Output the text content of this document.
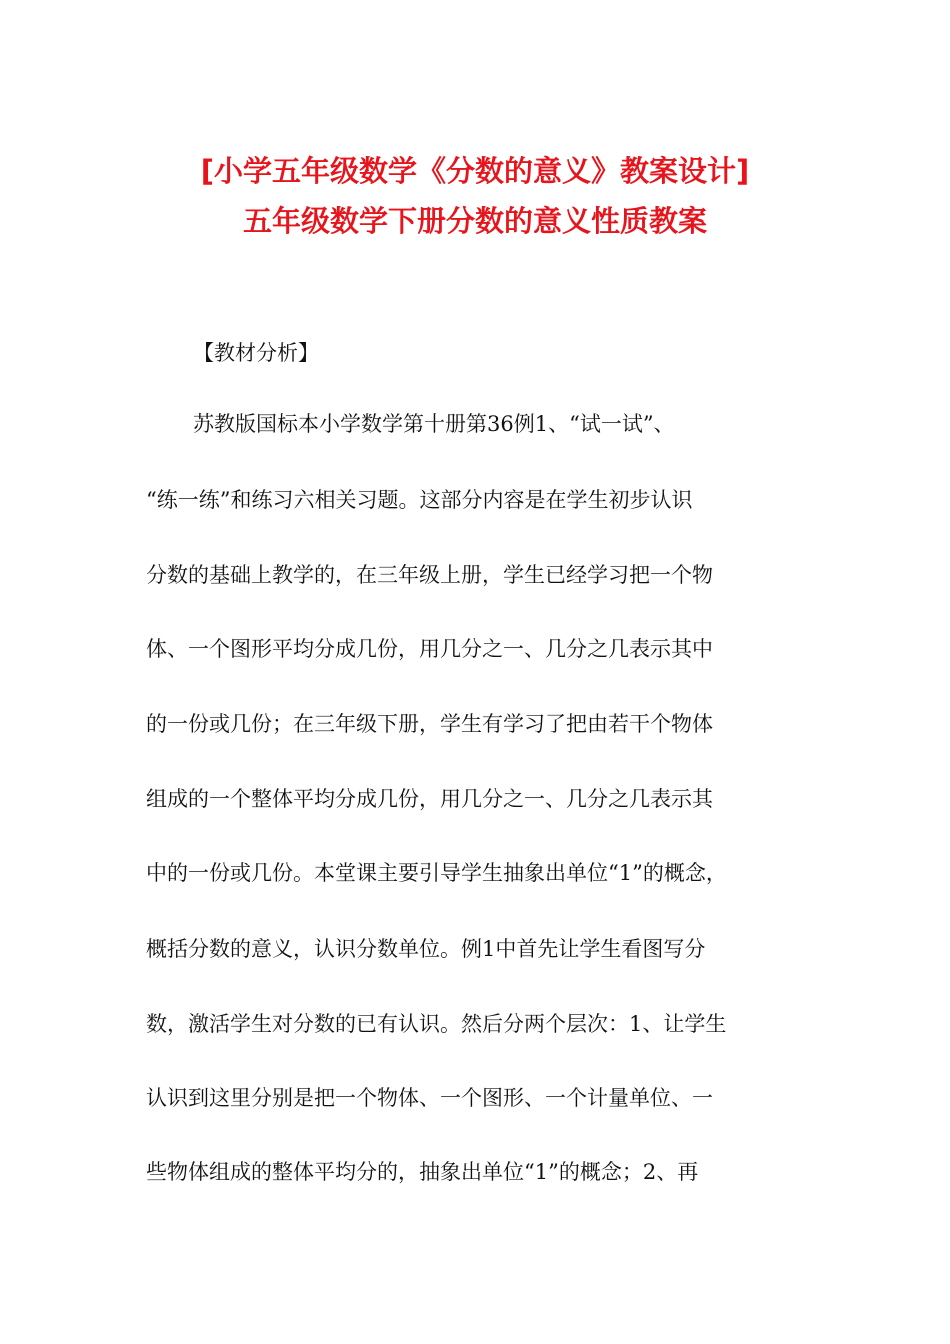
[小学五年级数学《分数的意义》教案设计]
五年级数学下册分数的意义性质教案
【教材分析】
苏教版国标本小学数学第十册第36例1、“试一试”、
“练一练”和练习六相关习题。这部分内容是在学生初步认识
分数的基础上教学的，在三年级上册，学生已经学习把一个物
体、一个图形平均分成几份，用几分之一、几分之几表示其中
的一份或几份；在三年级下册，学生有学习了把由若干个物体
组成的一个整体平均分成几份，用几分之一、几分之几表示其
中的一份或几份。本堂课主要引导学生抽象出单位“1”的概念，
概括分数的意义，认识分数单位。例1中首先让学生看图写分
数，激活学生对分数的已有认识。然后分两个层次：1、让学生
认识到这里分别是把一个物体、一个图形、一个计量单位、一
些物体组成的整体平均分的，抽象出单位“1”的概念；2、再
